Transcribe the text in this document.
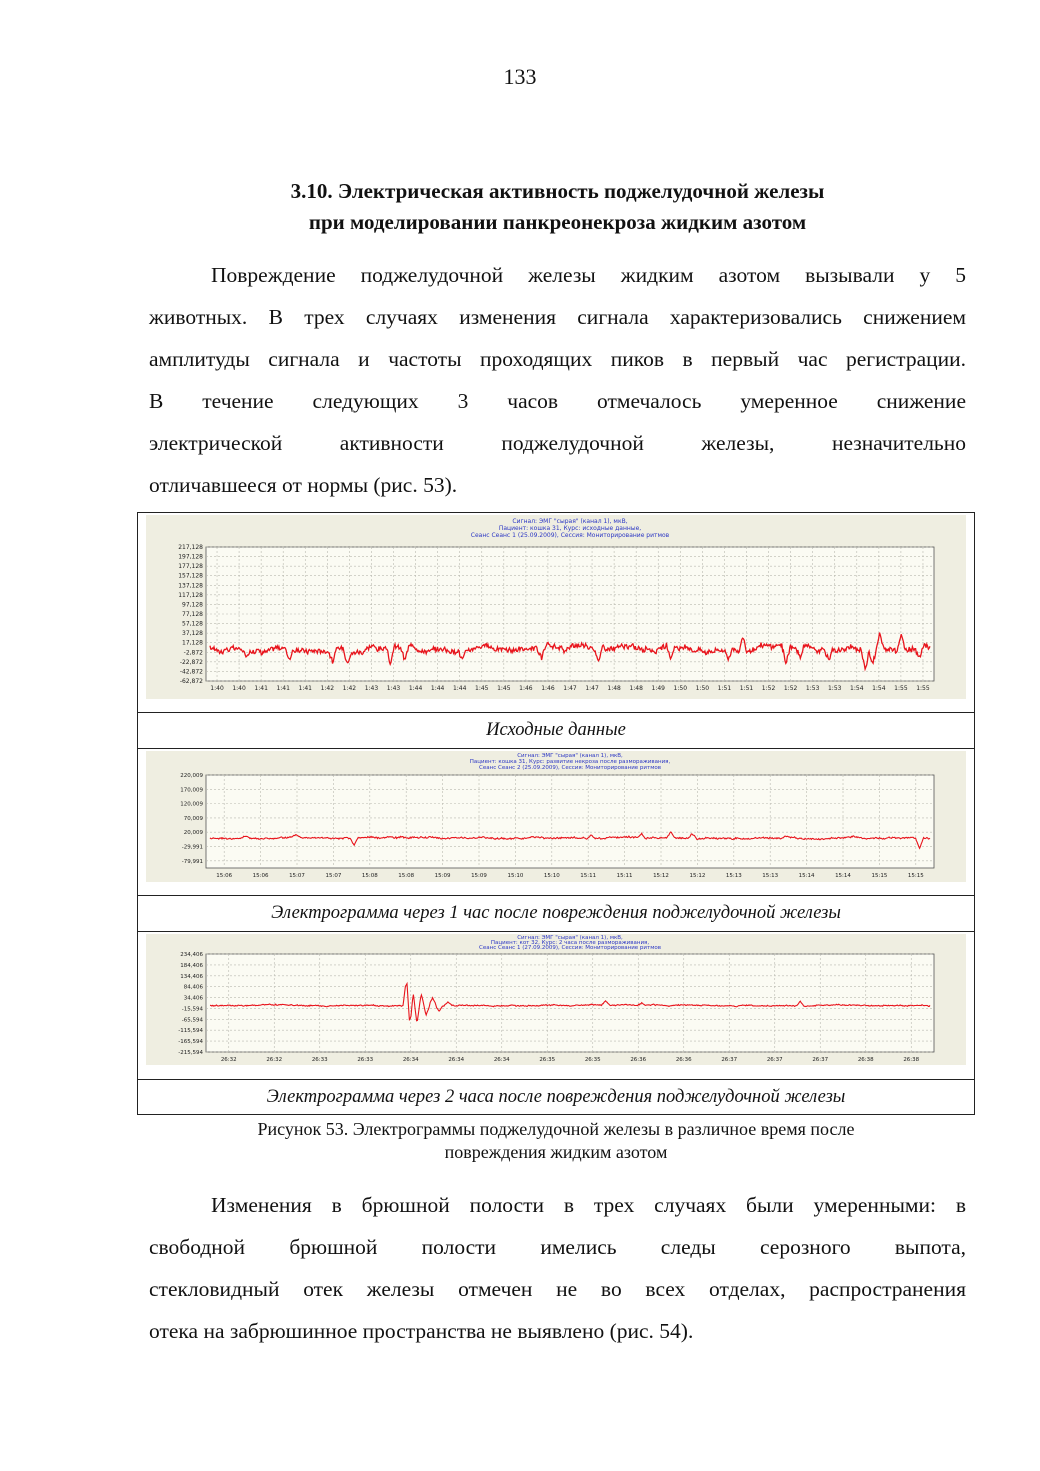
133
3.10. Электрическая активность поджелудочной железы
при моделировании панкреонекроза жидким азотом

Повреждение поджелудочной железы жидким азотом вызывали у 5
животных. В трех случаях изменения сигнала характеризовались снижением
амплитуды сигнала и частоты проходящих пиков в первый час регистрации.
В течение следующих 3 часов отмечалось умеренное снижение
электрической активности поджелудочной железы, незначительно
отличавшееся от нормы (рис. 53).

Сигнал: ЭМГ "сырая" (канал 1), мкВ,
Пациент: кошка 31, Курс: исходные данные,
Сеанс Сеанс 1 (25.09.2009), Сессия: Мониторирование ритмов
217,128
197,128
177,128
157,128
137,128
117,128
97,128
77,128
57,128
37,128
17,128
-2,872
-22,872
-42,872
-62,872
1:40 1:40 1:41 1:41 1:41 1:42 1:42 1:43 1:43 1:44 1:44 1:44 1:45 1:45 1:46 1:46 1:47 1:47 1:48 1:48 1:49 1:50 1:50 1:51 1:51 1:52 1:52 1:53 1:53 1:54 1:54 1:55 1:55
Исходные данные
Сигнал: ЭМГ "сырая" (канал 1), мкВ,
Пациент: кошка 31, Курс: развитие некроза после размораживания,
Сеанс Сеанс 2 (25.09.2009), Сессия: Мониторирование ритмов
220,009
170,009
120,009
70,009
20,009
-29,991
-79,991
15:06	15:06	15:07	15:07	15:08	15:08	15:09	15:09	15:10	15:10	15:11	15:11	15:12	15:12	15:13	15:13	15:14	15:14	15:15	15:15
Электрограмма через 1 час после повреждения поджелудочной железы
Сигнал: ЭМГ "сырая" (канал 1), мкВ,
Пациент: кот 32, Курс: 2 часа после размораживания,
Сеанс Сеанс 1 (27.09.2009), Сессия: Мониторирование ритмов
234,406
184,406
134,406
84,406
34,406
-15,594
-65,594
-115,594
-165,594
-215,594
26:32	26:32	26:33	26:33	26:34	26:34	26:34	26:35	26:35	26:36	26:36	26:37	26:37	26:37	26:38	26:38
Электрограмма через 2 часа после повреждения поджелудочной железы
Рисунок 53. Электрограммы поджелудочной железы в различное время после
повреждения жидким азотом

Изменения в брюшной полости в трех случаях были умеренными: в
свободной брюшной полости имелись следы серозного выпота,
стекловидный отек железы отмечен не во всех отделах, распространения
отека на забрюшинное пространства не выявлено (рис. 54).
